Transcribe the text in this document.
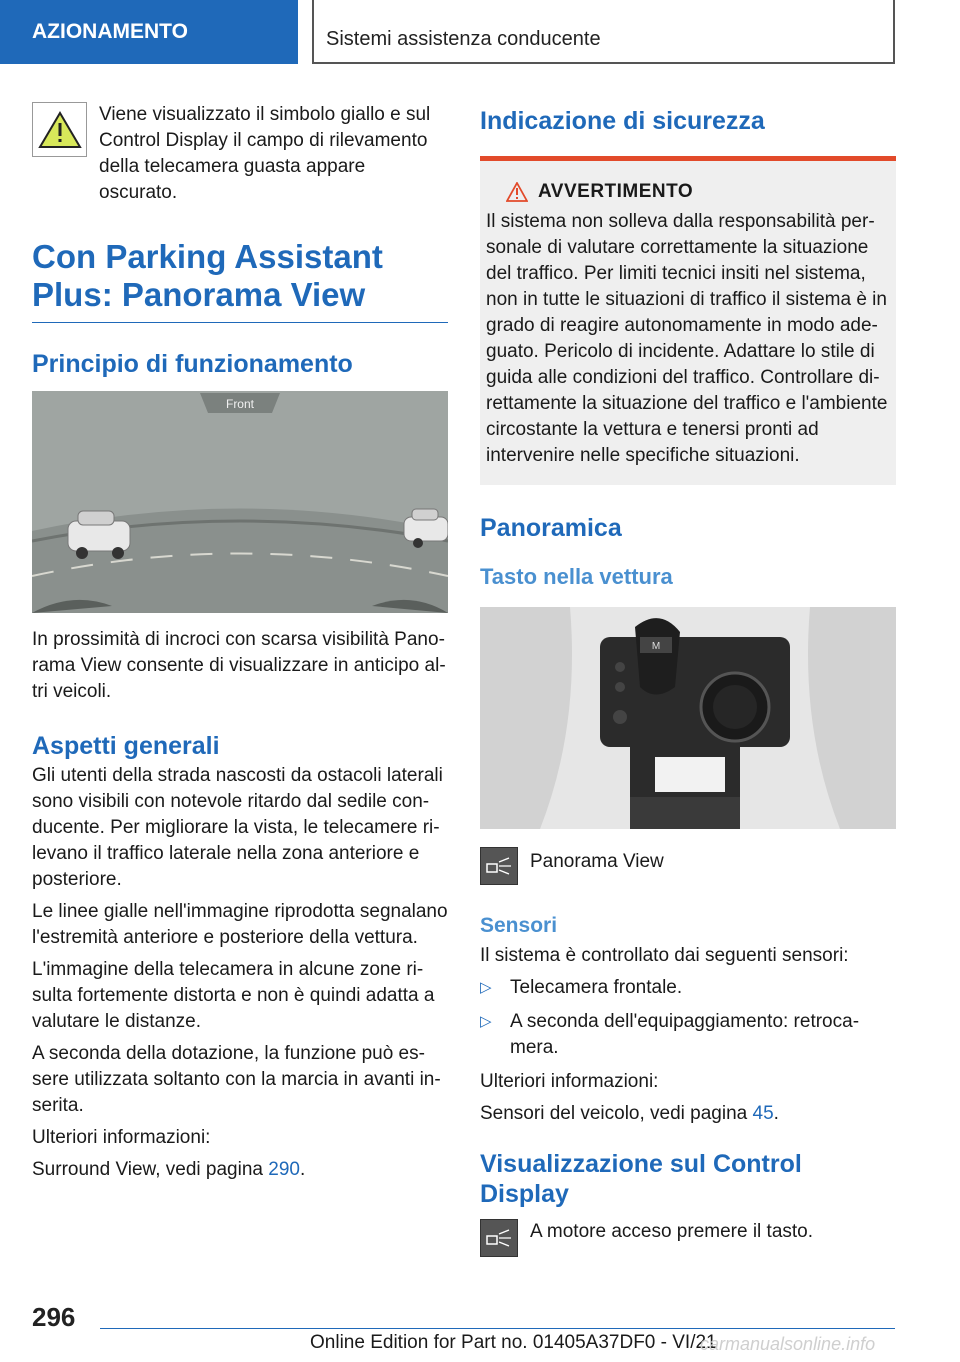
AZIONAMENTO	Sistemi assistenza conducente
Viene visualizzato il simbolo giallo e sul Control Display il campo di rilevamento della telecamera guasta appare oscurato.
Con Parking Assistant Plus: Panorama View
Principio di funzionamento
Front

In prossimità di incroci con scarsa visibilità Panorama View consente di visualizzare in anticipo altri veicoli.

Aspetti generali

Gli utenti della strada nascosti da ostacoli laterali sono visibili con notevole ritardo dal sedile conducente. Per migliorare la vista, le telecamere rilevano il traffico laterale nella zona anteriore e posteriore.

Le linee gialle nell'immagine riprodotta segnalano l'estremità anteriore e posteriore della vettura.

L'immagine della telecamera in alcune zone risulta fortemente distorta e non è quindi adatta a valutare le distanze.

A seconda della dotazione, la funzione può essere utilizzata soltanto con la marcia in avanti inserita.

Ulteriori informazioni:

Surround View, vedi pagina 290.

Indicazione di sicurezza
AVVERTIMENTO

Il sistema non solleva dalla responsabilità personale di valutare correttamente la situazione del traffico. Per limiti tecnici insiti nel sistema, non in tutte le situazioni di traffico il sistema è in grado di reagire autonomamente in modo adeguato. Pericolo di incidente. Adattare lo stile di guida alle condizioni del traffico. Controllare direttamente la situazione del traffico e l'ambiente circostante la vettura e tenersi pronti ad intervenire nelle specifiche situazioni.

Panoramica
Tasto nella vettura
M
Panorama View
Sensori

Il sistema è controllato dai seguenti sensori:

▷ Telecamera frontale.
▷ A seconda dell'equipaggiamento: retrocamera.

Ulteriori informazioni:

Sensori del veicolo, vedi pagina 45.

Visualizzazione sul Control Display
A motore acceso premere il tasto.
296
Online Edition for Part no. 01405A37DF0 - VI/21
carmanualsonline.info
